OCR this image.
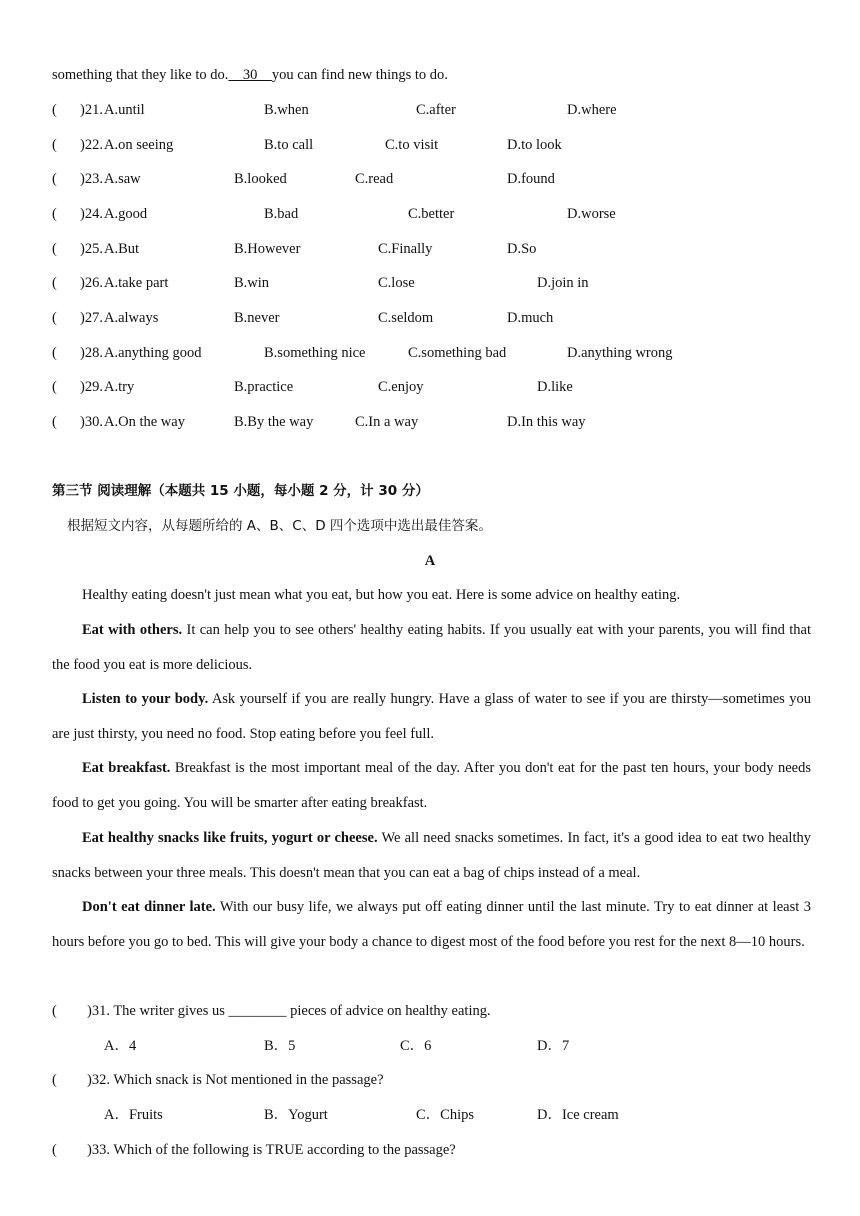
something that they like to do.    30    you can find new things to do.
( )21. A.until	B.when	C.after	D.where
( )22. A.on seeing	B.to call	C.to visit	D.to look
( )23. A.saw	B.looked	C.read	D.found
( )24. A.good	B.bad	C.better	D.worse
( )25. A.But	B.However	C.Finally	D.So
( )26. A.take part	B.win	C.lose	D.join in
( )27. A.always	B.never	C.seldom	D.much
( )28. A.anything good	B.something nice	C.something bad	D.anything wrong
( )29. A.try	B.practice	C.enjoy	D.like
( )30. A.On the way	B.By the way	C.In a way	D.In this way
第三节 阅读理解（本题共 15 小题，每小题 2 分，计 30 分）
根据短文内容，从每题所给的 A、B、C、D 四个选项中选出最佳答案。
A
Healthy eating doesn't just mean what you eat, but how you eat. Here is some advice on healthy eating.
Eat with others. It can help you to see others' healthy eating habits. If you usually eat with your parents, you will find that the food you eat is more delicious.
Listen to your body. Ask yourself if you are really hungry. Have a glass of water to see if you are thirsty—sometimes you are just thirsty, you need no food. Stop eating before you feel full.
Eat breakfast. Breakfast is the most important meal of the day. After you don't eat for the past ten hours, your body needs food to get you going. You will be smarter after eating breakfast.
Eat healthy snacks like fruits, yogurt or cheese. We all need snacks sometimes. In fact, it's a good idea to eat two healthy snacks between your three meals. This doesn't mean that you can eat a bag of chips instead of a meal.
Don't eat dinner late. With our busy life, we always put off eating dinner until the last minute. Try to eat dinner at least 3 hours before you go to bed. This will give your body a chance to digest most of the food before you rest for the next 8—10 hours.
( )31. The writer gives us ________ pieces of advice on healthy eating.
A．4	B．5	C．6	D．7
( )32. Which snack is Not mentioned in the passage?
A．Fruits	B．Yogurt	C．Chips	D．Ice cream
( )33. Which of the following is TRUE according to the passage?
